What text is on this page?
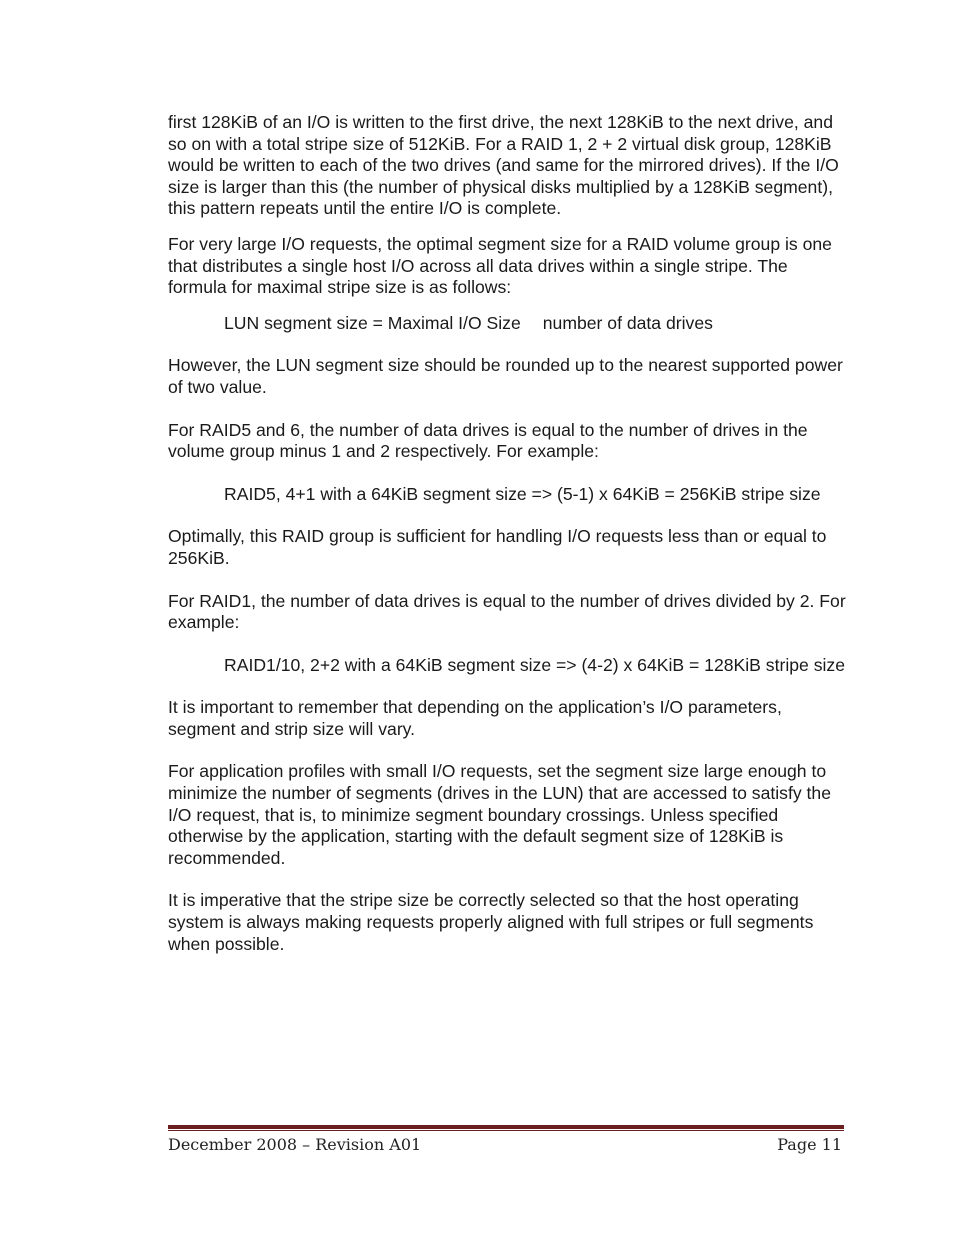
first 128KiB of an I/O is written to the first drive, the next 128KiB to the next drive, and so on with a total stripe size of 512KiB. For a RAID 1, 2 + 2 virtual disk group, 128KiB would be written to each of the two drives (and same for the mirrored drives). If the I/O size is larger than this (the number of physical disks multiplied by a 128KiB segment), this pattern repeats until the entire I/O is complete.

For very large I/O requests, the optimal segment size for a RAID volume group is one that distributes a single host I/O across all data drives within a single stripe. The formula for maximal stripe size is as follows:

LUN segment size = Maximal I/O Size number of data drives

However, the LUN segment size should be rounded up to the nearest supported power of two value.

For RAID5 and 6, the number of data drives is equal to the number of drives in the volume group minus 1 and 2 respectively. For example:

RAID5, 4+1 with a 64KiB segment size => (5-1) x 64KiB = 256KiB stripe size

Optimally, this RAID group is sufficient for handling I/O requests less than or equal to 256KiB.

For RAID1, the number of data drives is equal to the number of drives divided by 2. For example:

RAID1/10, 2+2 with a 64KiB segment size => (4-2) x 64KiB = 128KiB stripe size

It is important to remember that depending on the application’s I/O parameters, segment and strip size will vary.

For application profiles with small I/O requests, set the segment size large enough to minimize the number of segments (drives in the LUN) that are accessed to satisfy the I/O request, that is, to minimize segment boundary crossings. Unless specified otherwise by the application, starting with the default segment size of 128KiB is recommended.

It is imperative that the stripe size be correctly selected so that the host operating system is always making requests properly aligned with full stripes or full segments when possible.

December 2008 – Revision A01	Page 11
